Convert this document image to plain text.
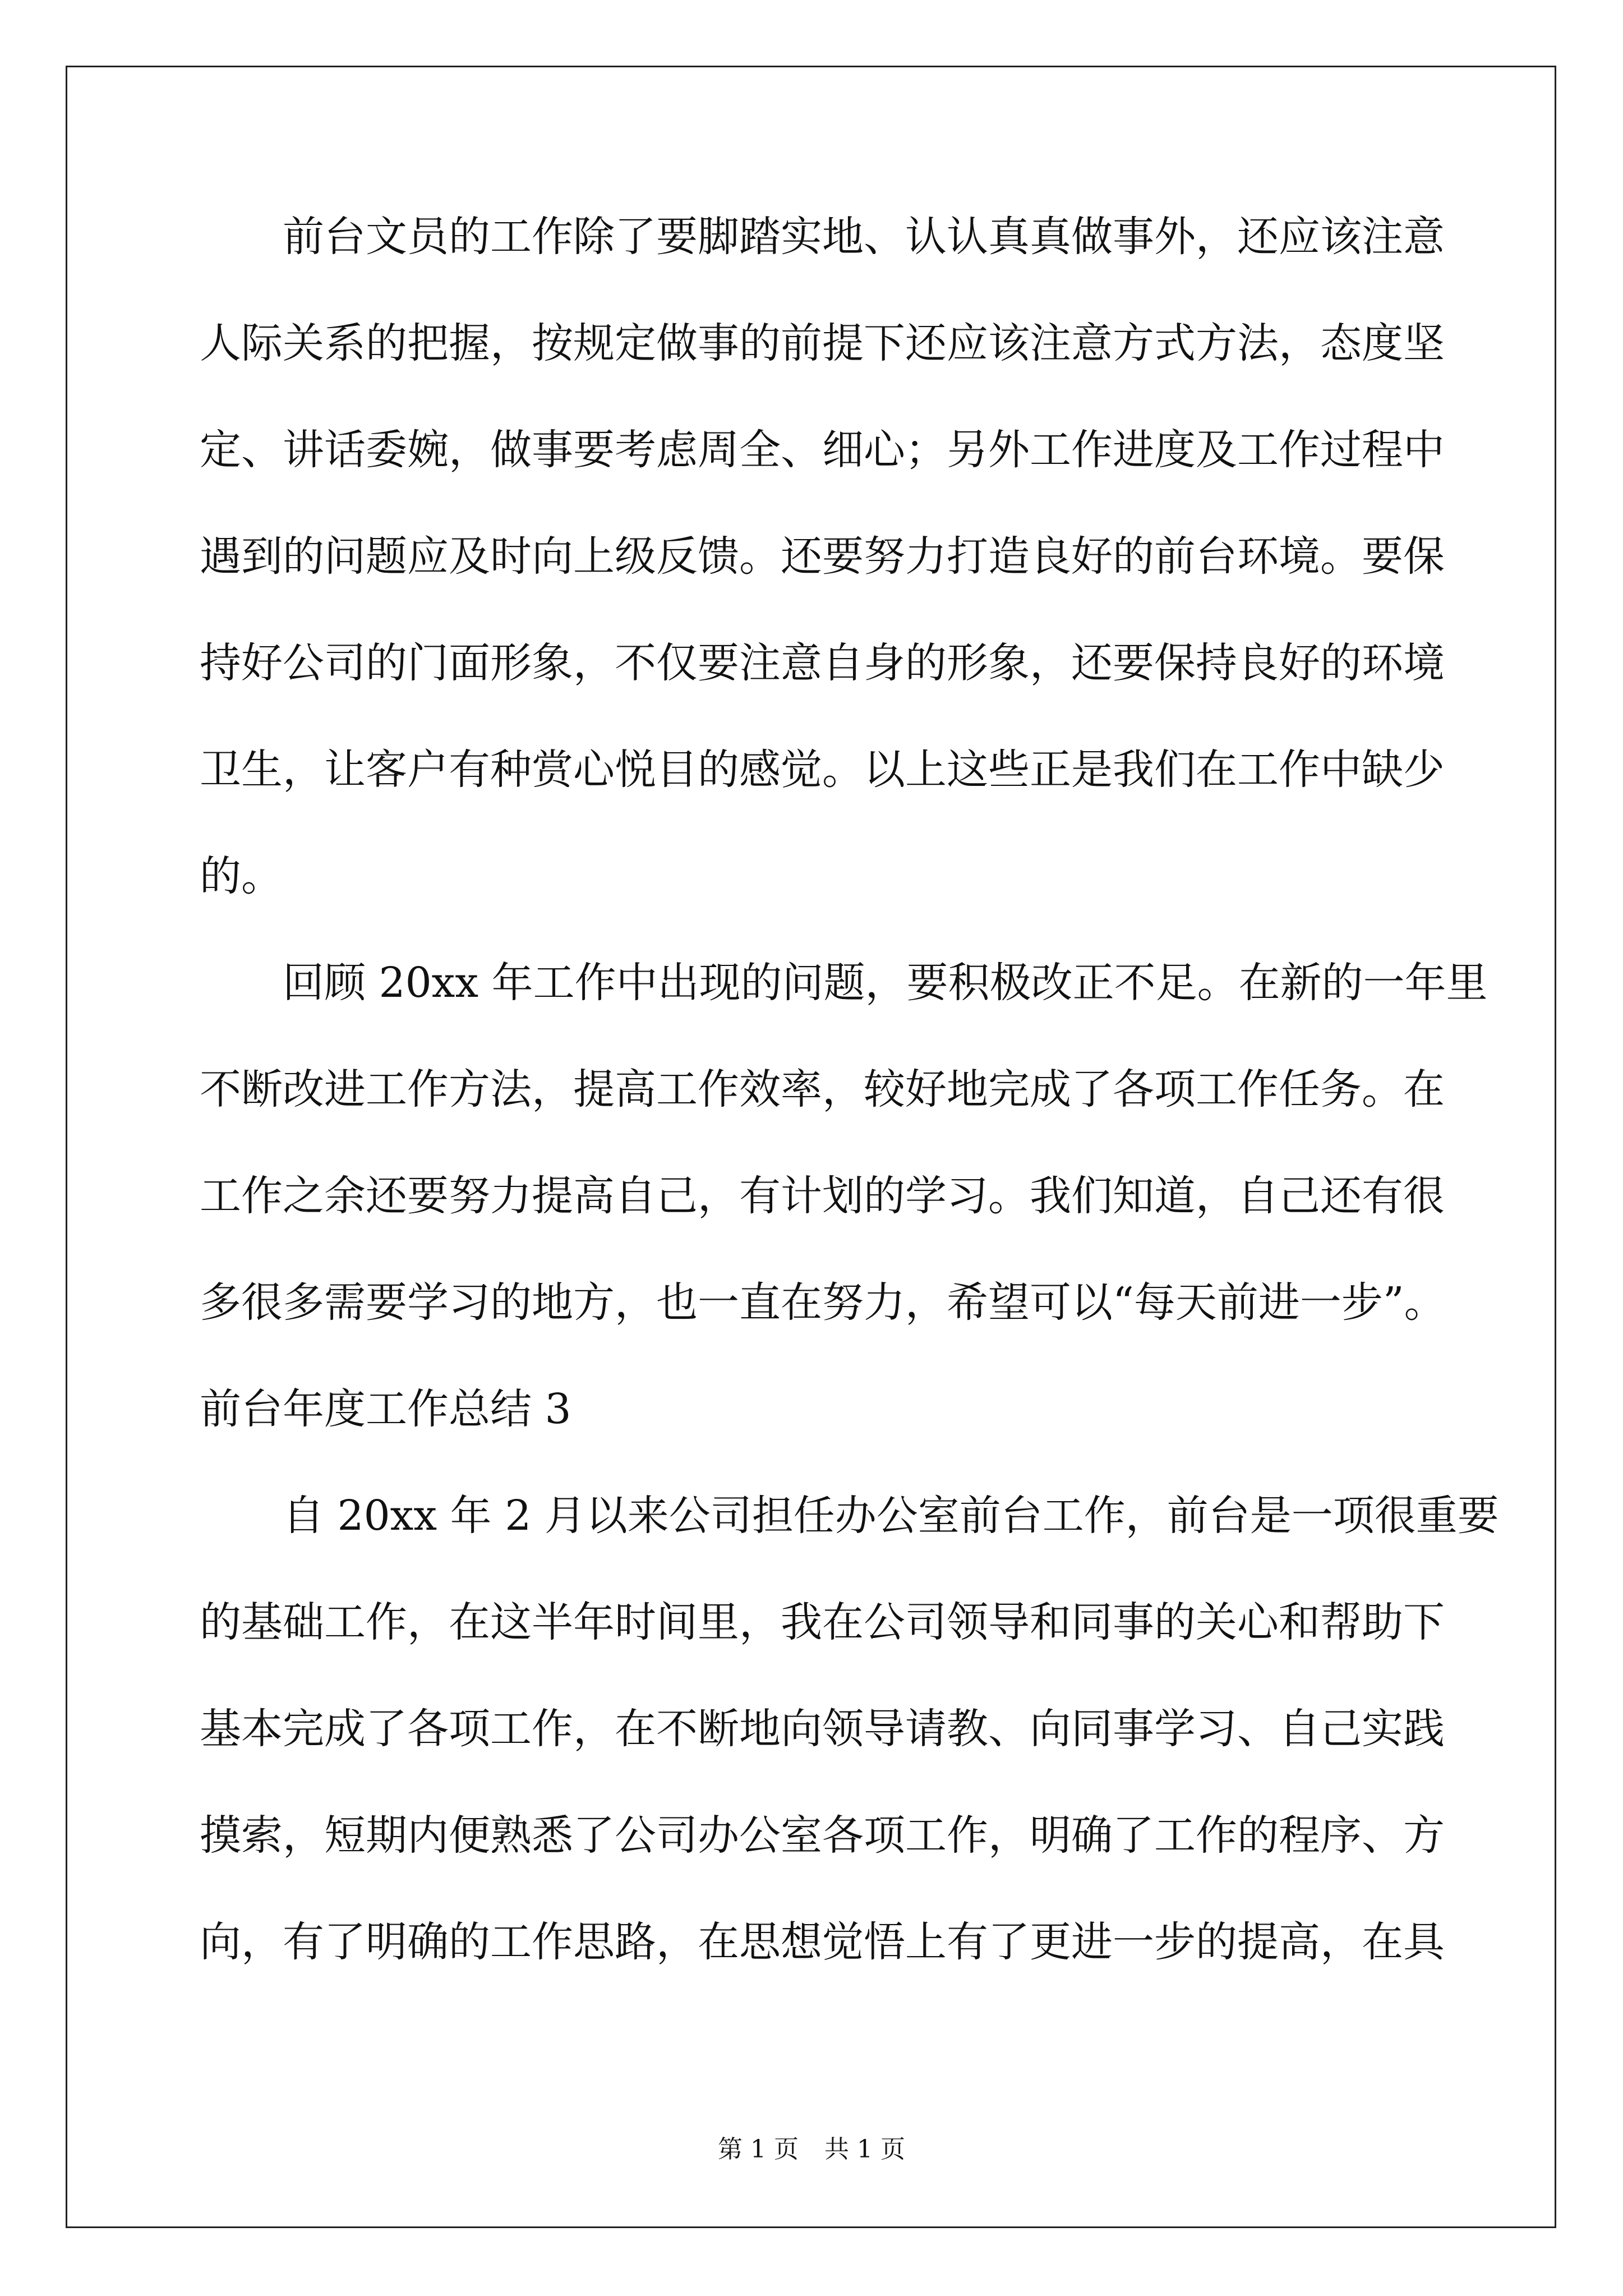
前台文员的工作除了要脚踏实地、认认真真做事外，还应该注意
人际关系的把握，按规定做事的前提下还应该注意方式方法，态度坚
定、讲话委婉，做事要考虑周全、细心；另外工作进度及工作过程中
遇到的问题应及时向上级反馈。还要努力打造良好的前台环境。要保
持好公司的门面形象，不仅要注意自身的形象，还要保持良好的环境
卫生，让客户有种赏心悦目的感觉。以上这些正是我们在工作中缺少
的。
回顾 20xx 年工作中出现的问题，要积极改正不足。在新的一年里
不断改进工作方法，提高工作效率，较好地完成了各项工作任务。在
工作之余还要努力提高自己，有计划的学习。我们知道，自己还有很
多很多需要学习的地方，也一直在努力，希望可以“每天前进一步”。
前台年度工作总结 3
自 20xx 年 2 月以来公司担任办公室前台工作，前台是一项很重要
的基础工作，在这半年时间里，我在公司领导和同事的关心和帮助下
基本完成了各项工作，在不断地向领导请教、向同事学习、自己实践
摸索，短期内便熟悉了公司办公室各项工作，明确了工作的程序、方
向，有了明确的工作思路，在思想觉悟上有了更进一步的提高，在具
第 1 页 共 1 页
